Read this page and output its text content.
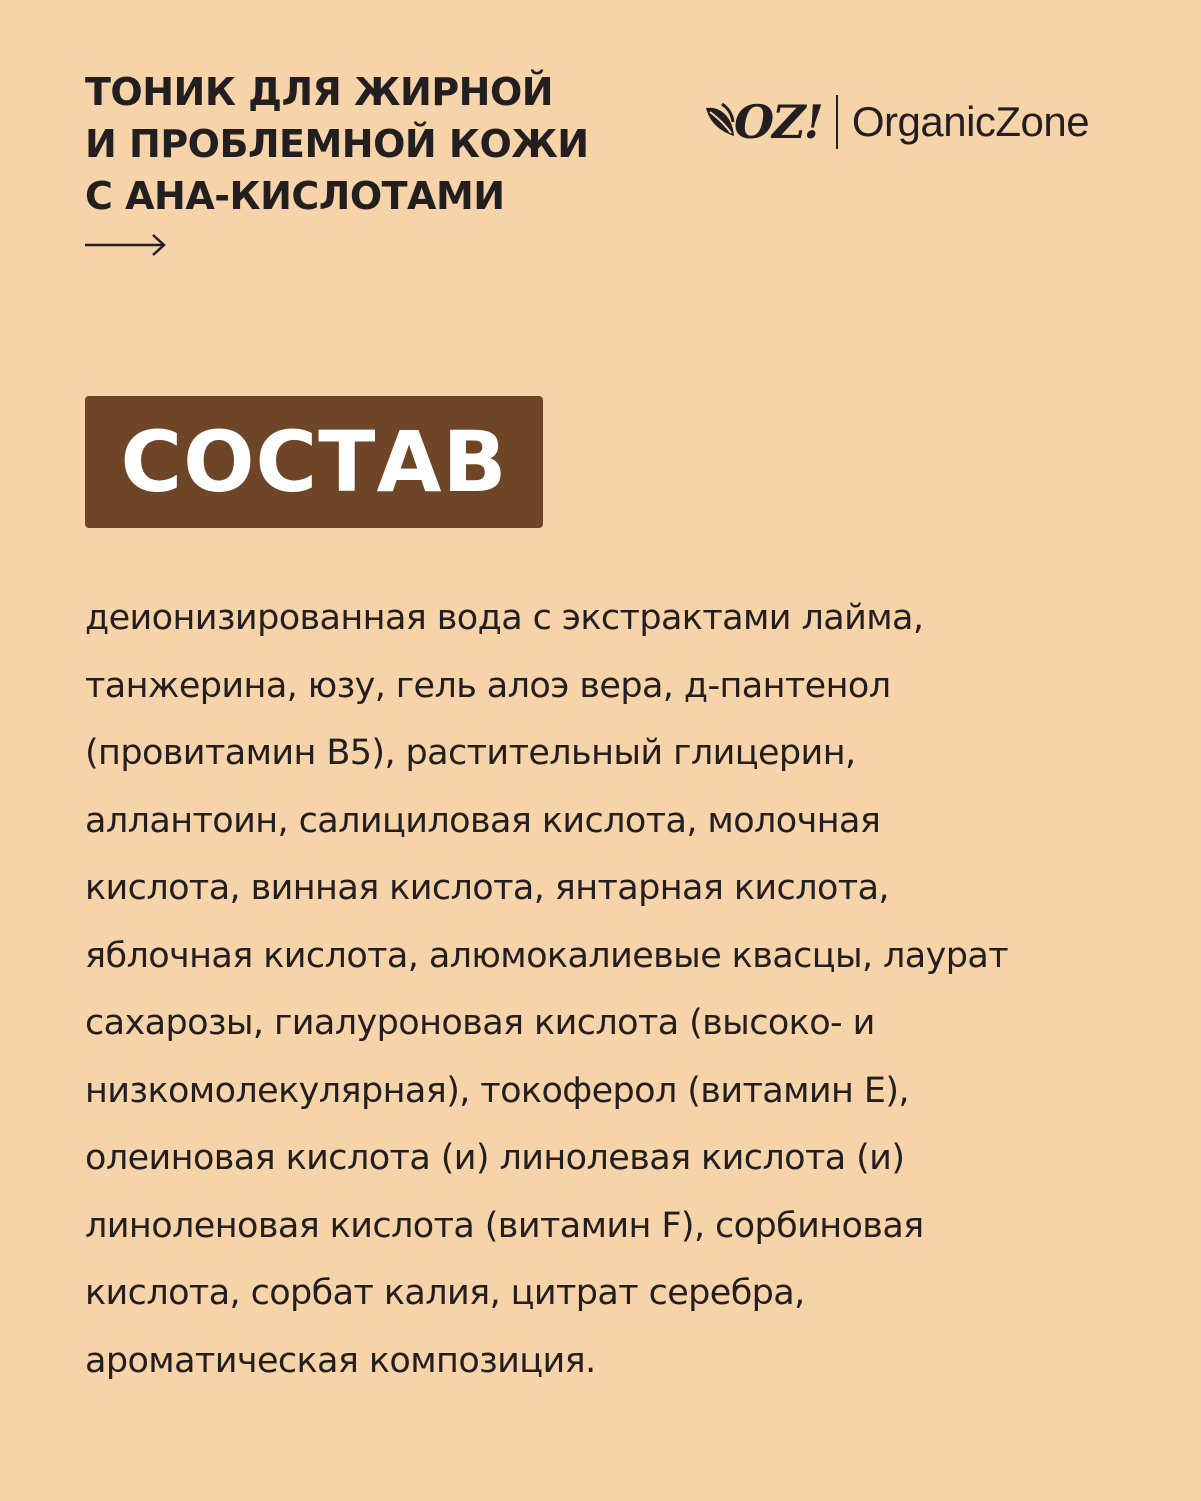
ТОНИК ДЛЯ ЖИРНОЙ
И ПРОБЛЕМНОЙ КОЖИ
С АНА-КИСЛОТАМИ
OZ! OrganicZone
СОСТАВ
деионизированная вода с экстрактами лайма,
танжерина, юзу, гель алоэ вера, д-пантенол
(провитамин B5), растительный глицерин,
аллантоин, салициловая кислота, молочная
кислота, винная кислота, янтарная кислота,
яблочная кислота, алюмокалиевые квасцы, лаурат
сахарозы, гиалуроновая кислота (высоко- и
низкомолекулярная), токоферол (витамин E),
олеиновая кислота (и) линолевая кислота (и)
линоленовая кислота (витамин F), сорбиновая
кислота, сорбат калия, цитрат серебра,
ароматическая композиция.
